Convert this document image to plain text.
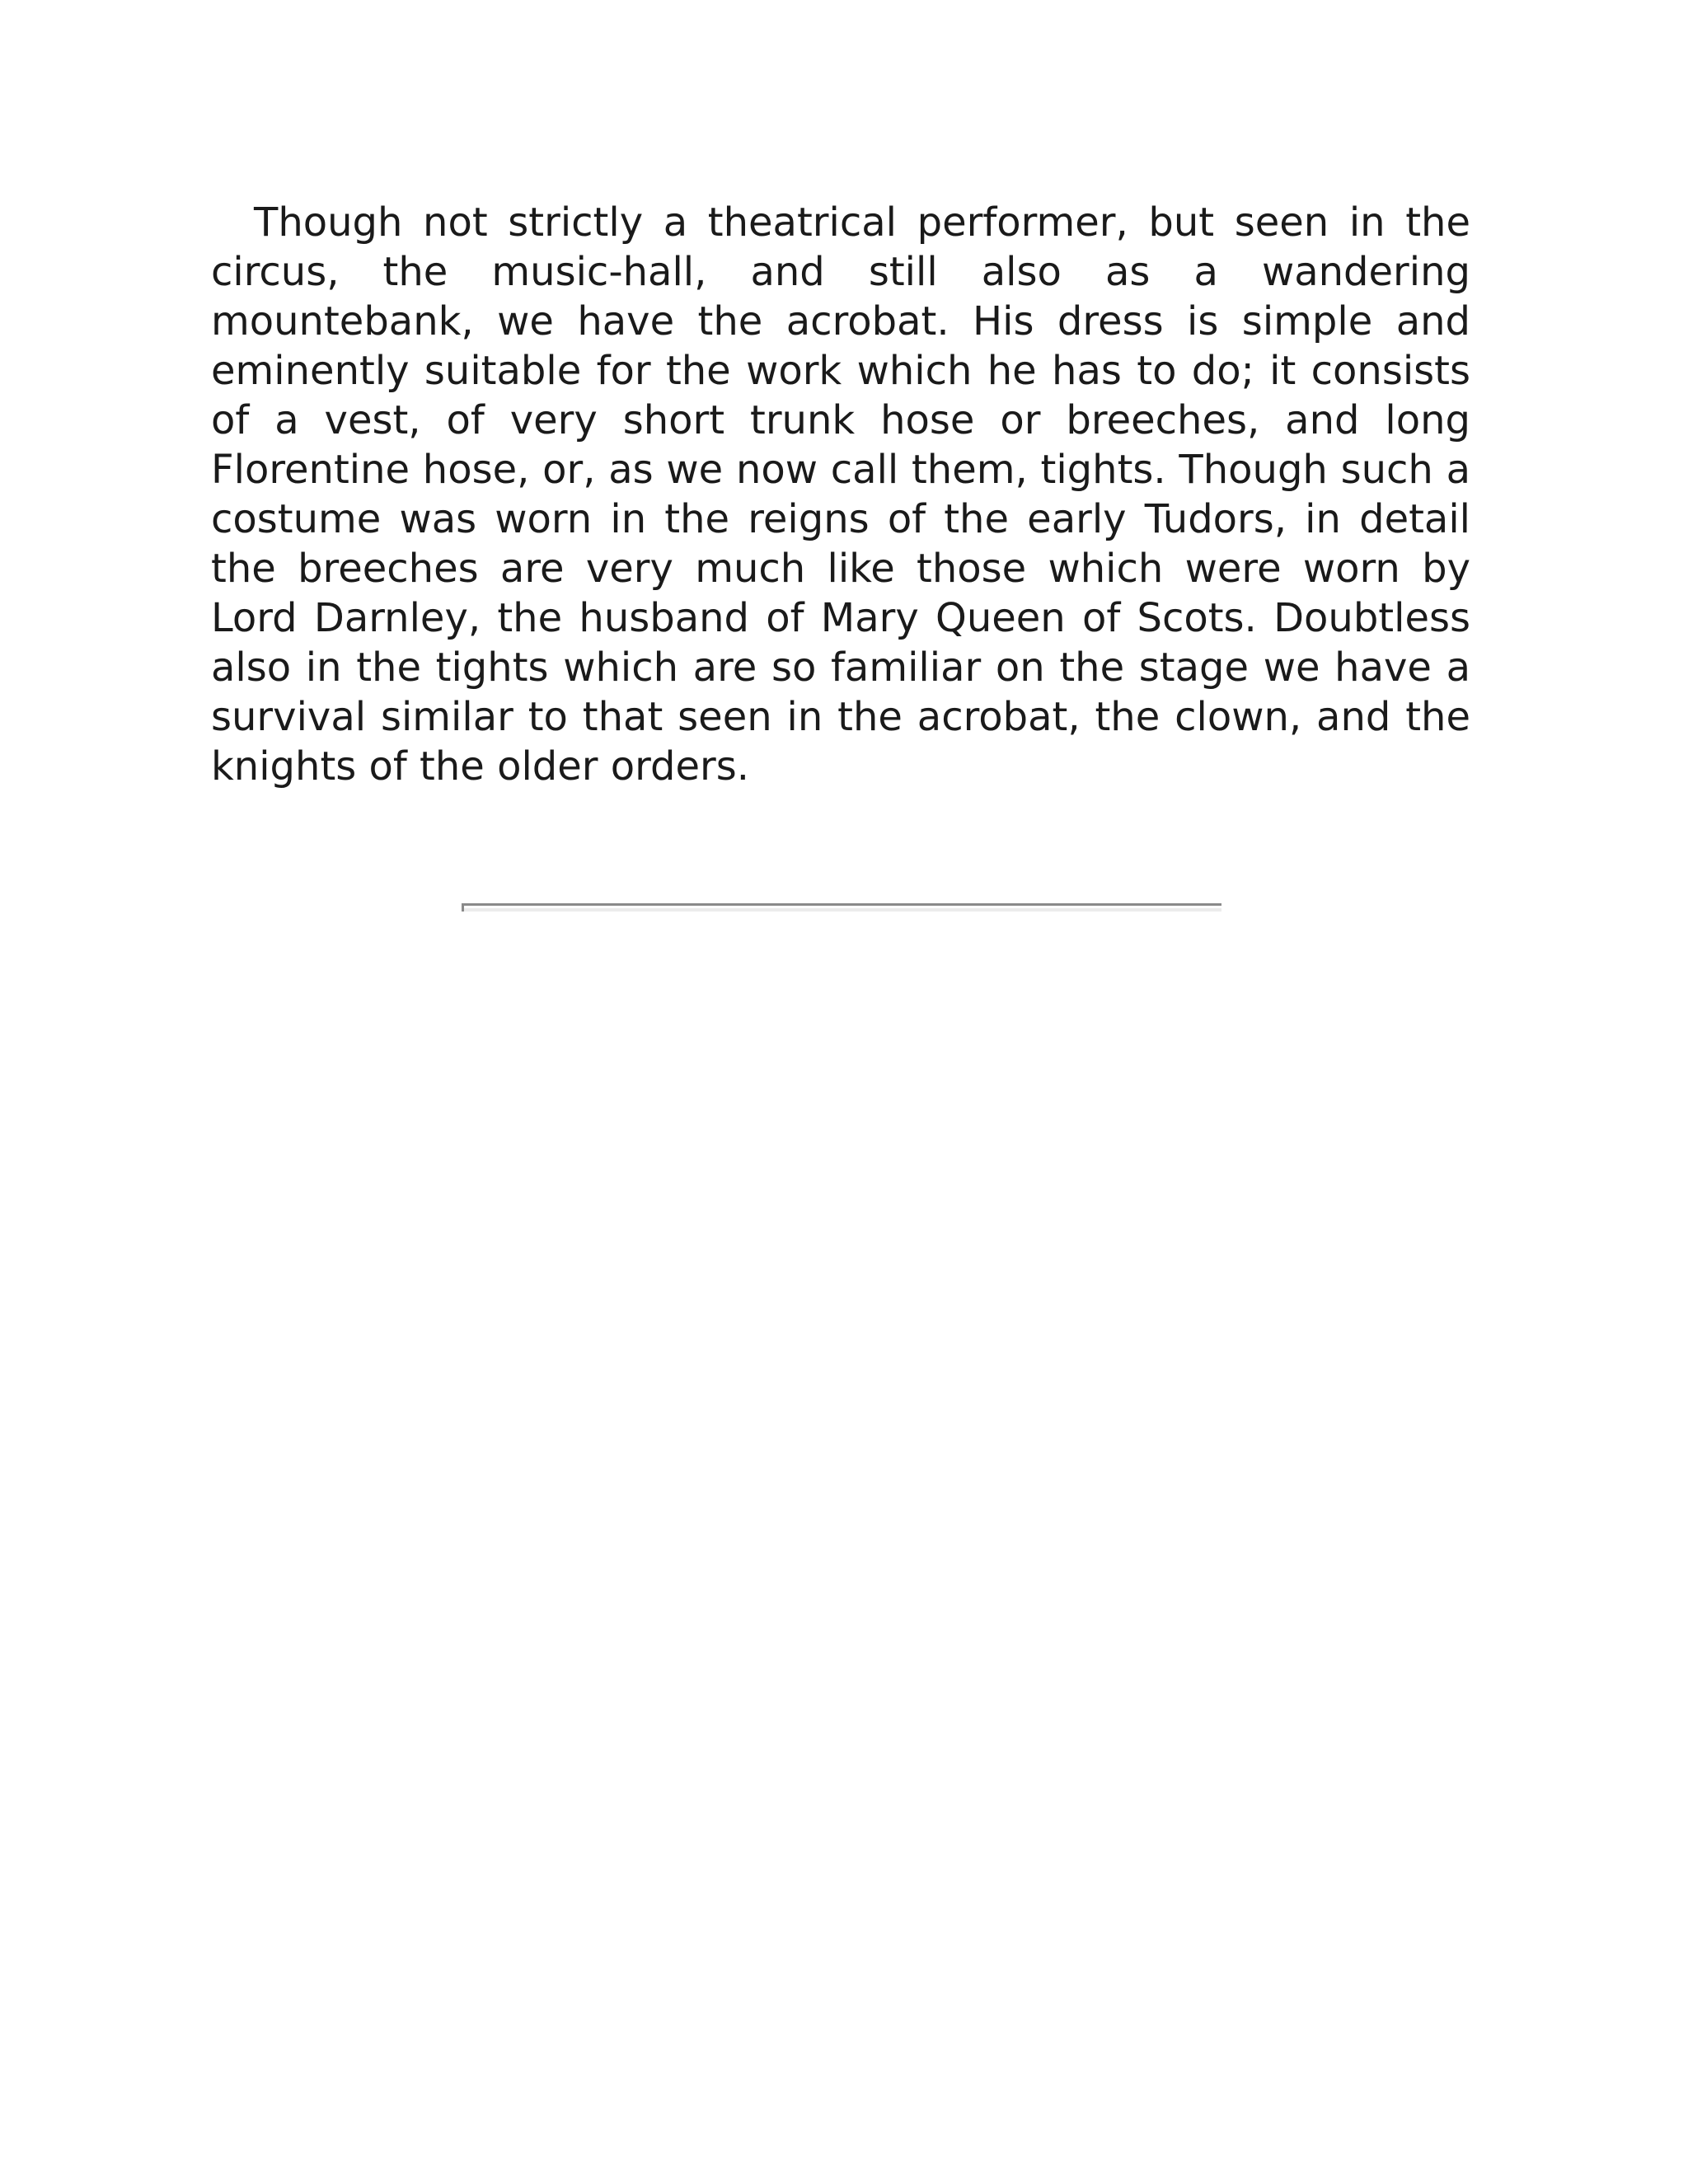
Though not strictly a theatrical performer, but seen in the circus, the music-hall, and still also as a wandering mountebank, we have the acrobat. His dress is simple and eminently suitable for the work which he has to do; it consists of a vest, of very short trunk hose or breeches, and long Florentine hose, or, as we now call them, tights. Though such a costume was worn in the reigns of the early Tudors, in detail the breeches are very much like those which were worn by Lord Darnley, the husband of Mary Queen of Scots. Doubtless also in the tights which are so familiar on the stage we have a survival similar to that seen in the acrobat, the clown, and the knights of the older orders.
